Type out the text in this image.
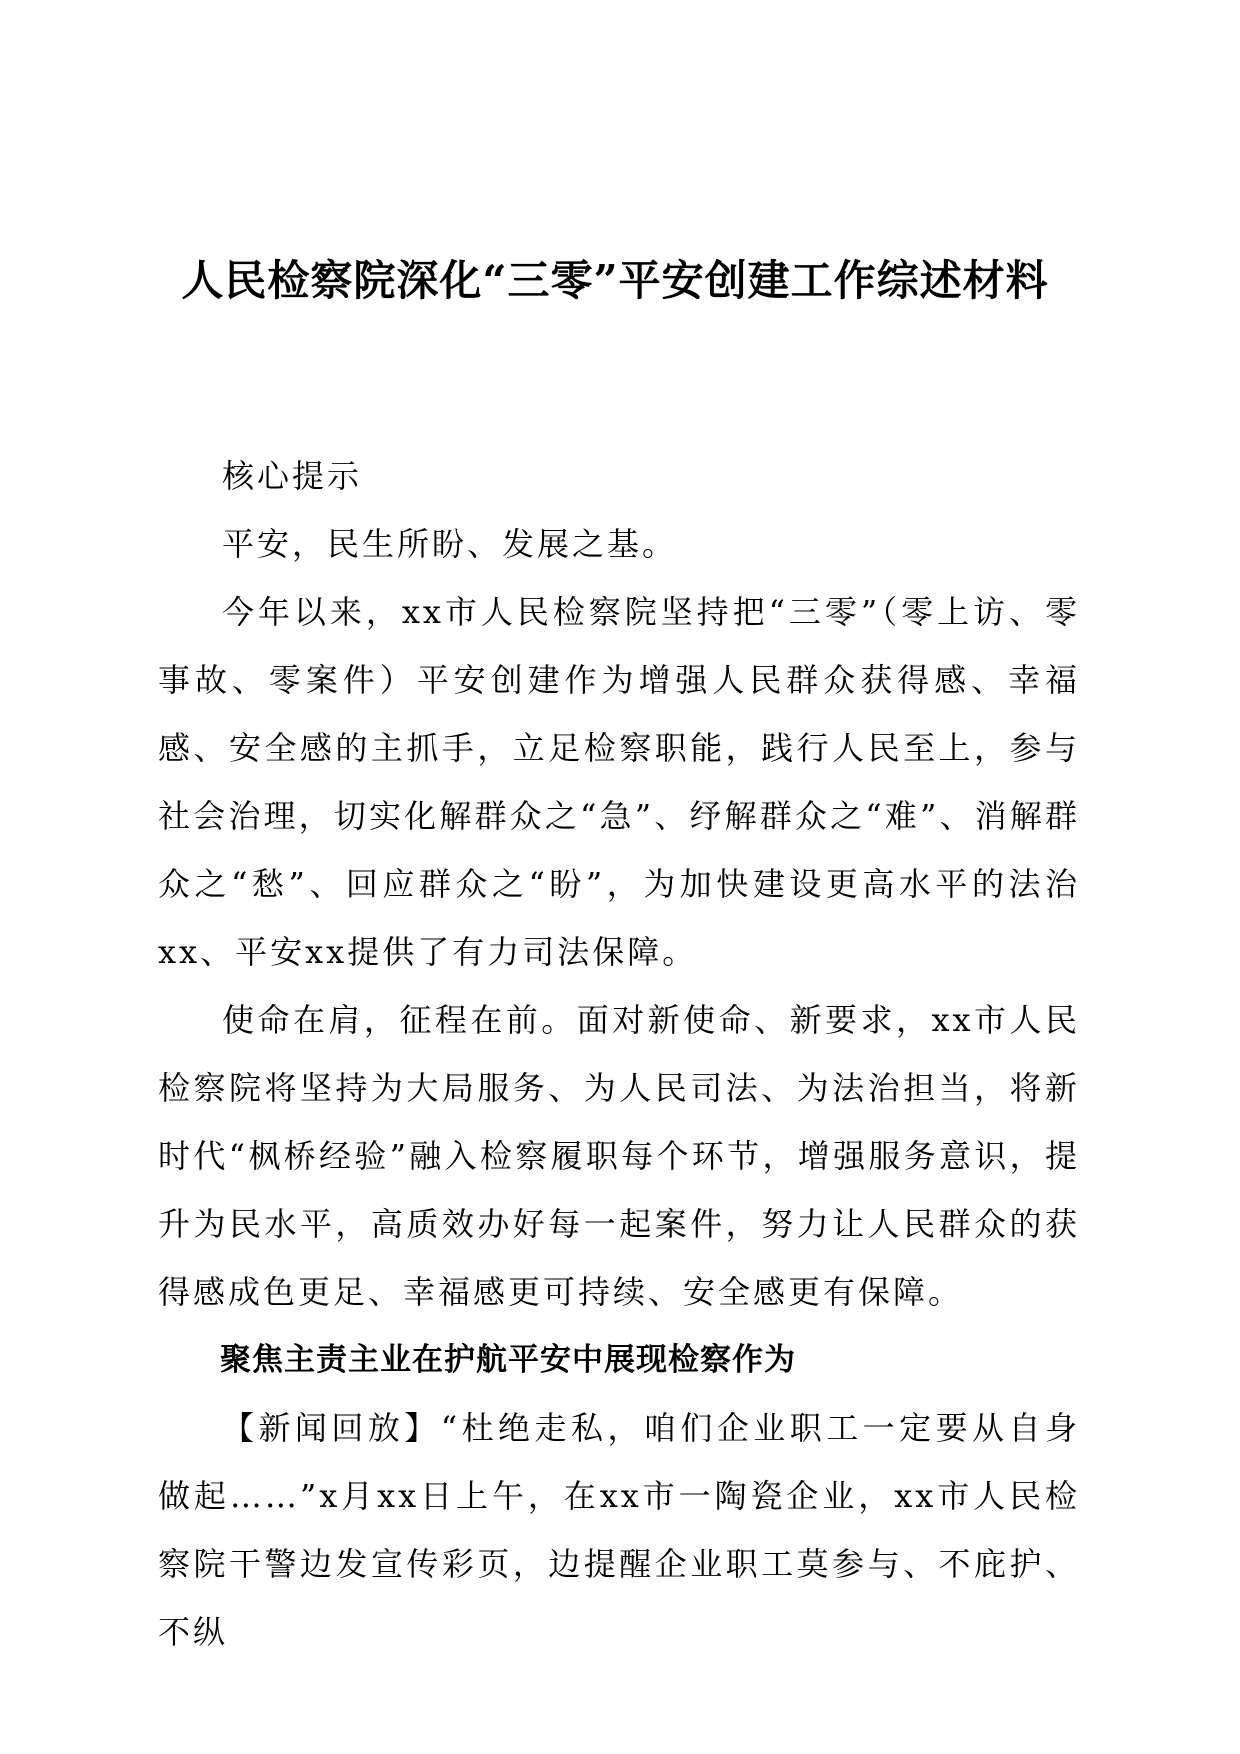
人民检察院深化“三零”平安创建工作综述材料

核心提示

平安，民生所盼、发展之基。

今年以来，xx市人民检察院坚持把“三零”（零上访、零事故、零案件）平安创建作为增强人民群众获得感、幸福感、安全感的主抓手，立足检察职能，践行人民至上，参与社会治理，切实化解群众之“急”、纾解群众之“难”、消解群众之“愁”、回应群众之“盼”，为加快建设更高水平的法治xx、平安xx提供了有力司法保障。

使命在肩，征程在前。面对新使命、新要求，xx市人民检察院将坚持为大局服务、为人民司法、为法治担当，将新时代“枫桥经验”融入检察履职每个环节，增强服务意识，提升为民水平，高质效办好每一起案件，努力让人民群众的获得感成色更足、幸福感更可持续、安全感更有保障。

聚焦主责主业在护航平安中展现检察作为

【新闻回放】“杜绝走私，咱们企业职工一定要从自身做起……”x月xx日上午，在xx市一陶瓷企业，xx市人民检察院干警边发宣传彩页，边提醒企业职工莫参与、不庇护、不纵
